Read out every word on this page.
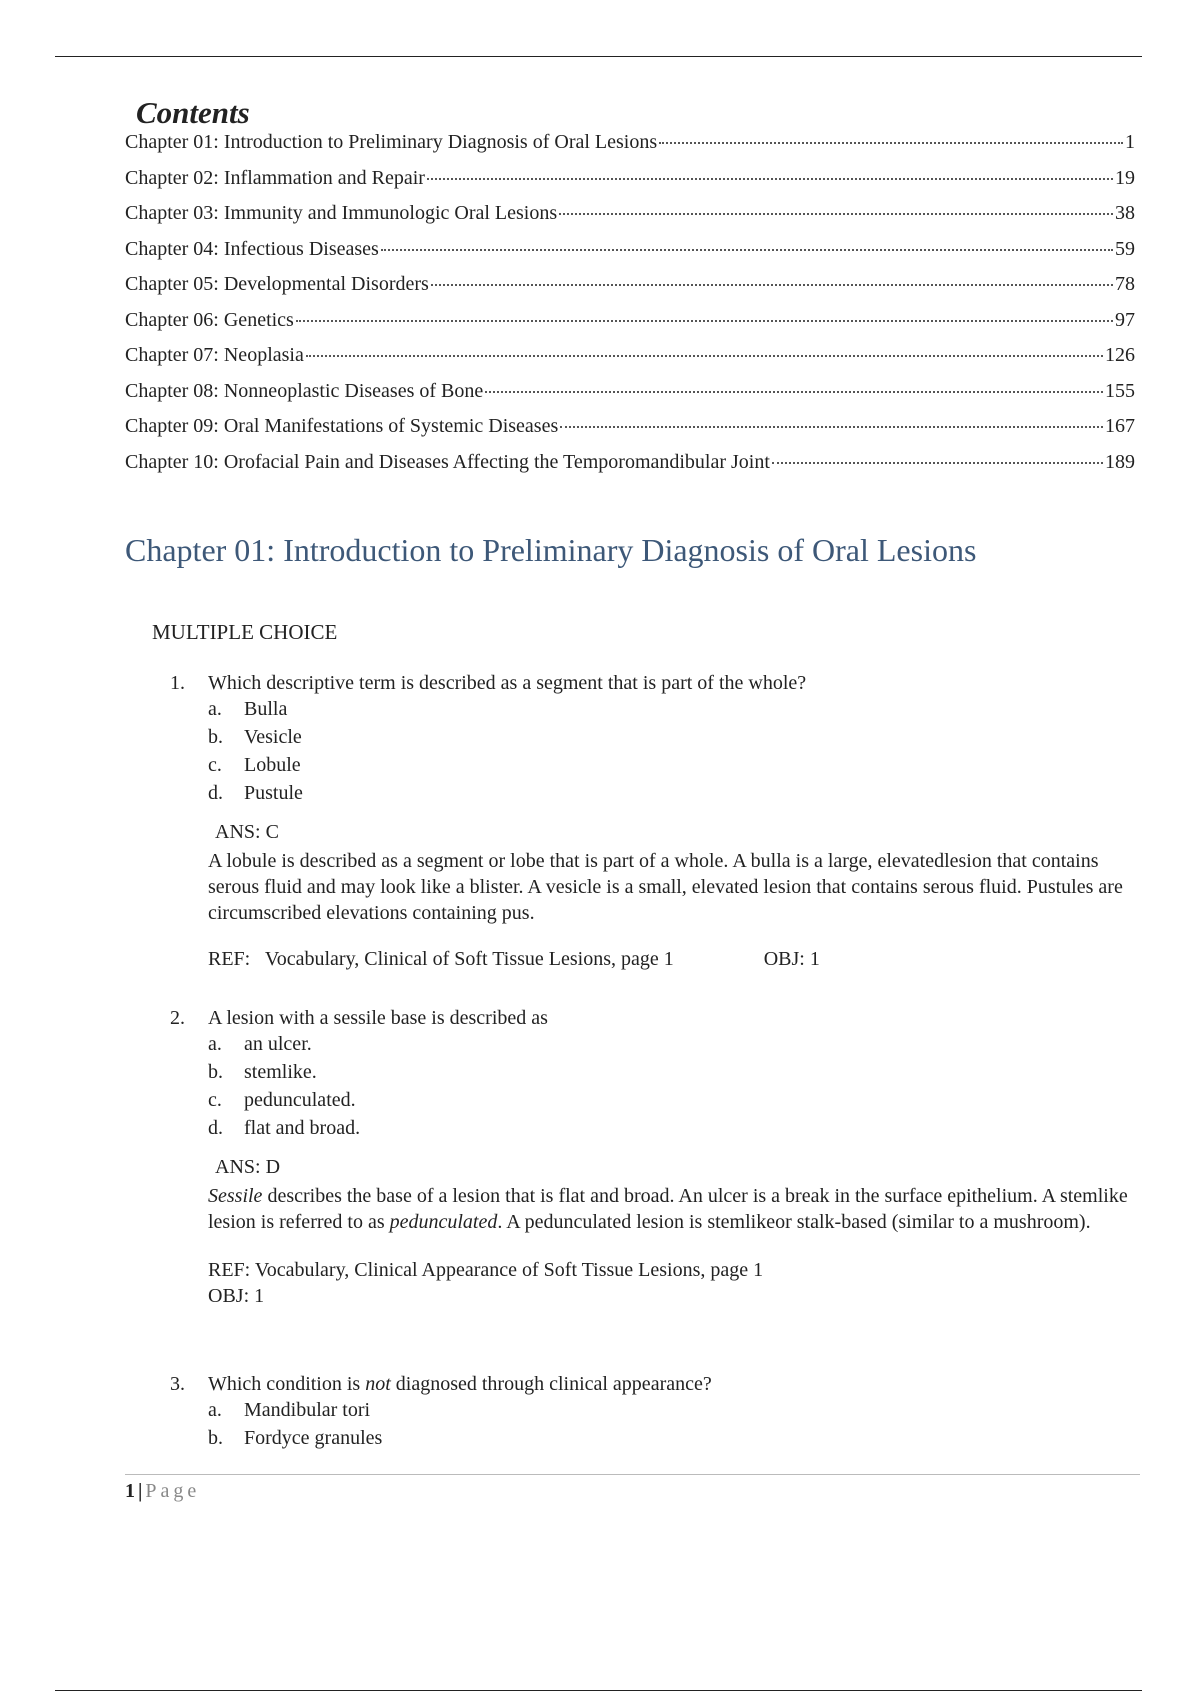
Contents
Chapter 01: Introduction to Preliminary Diagnosis of Oral Lesions	1
Chapter 02: Inflammation and Repair	19
Chapter 03: Immunity and Immunologic Oral Lesions	38
Chapter 04: Infectious Diseases	59
Chapter 05: Developmental Disorders	78
Chapter 06: Genetics	97
Chapter 07: Neoplasia	126
Chapter 08: Nonneoplastic Diseases of Bone	155
Chapter 09: Oral Manifestations of Systemic Diseases	167
Chapter 10: Orofacial Pain and Diseases Affecting the Temporomandibular Joint	189
Chapter 01: Introduction to Preliminary Diagnosis of Oral Lesions
MULTIPLE CHOICE
1.	Which descriptive term is described as a segment that is part of the whole?
a.	Bulla
b.	Vesicle
c.	Lobule
d.	Pustule
ANS: C
A lobule is described as a segment or lobe that is part of a whole. A bulla is a large, elevatedlesion that contains serous fluid and may look like a blister. A vesicle is a small, elevated lesion that contains serous fluid. Pustules are circumscribed elevations containing pus.
REF:   Vocabulary, Clinical of Soft Tissue Lesions, page 1	OBJ: 1
2.	A lesion with a sessile base is described as
a.	an ulcer.
b.	stemlike.
c.	pedunculated.
d.	flat and broad.
ANS: D
Sessile describes the base of a lesion that is flat and broad. An ulcer is a break in the surface epithelium. A stemlike lesion is referred to as pedunculated. A pedunculated lesion is stemlikeor stalk-based (similar to a mushroom).
REF: Vocabulary, Clinical Appearance of Soft Tissue Lesions, page 1
OBJ: 1
3.	Which condition is not diagnosed through clinical appearance?
a.	Mandibular tori
b.	Fordyce granules
1 | Page
